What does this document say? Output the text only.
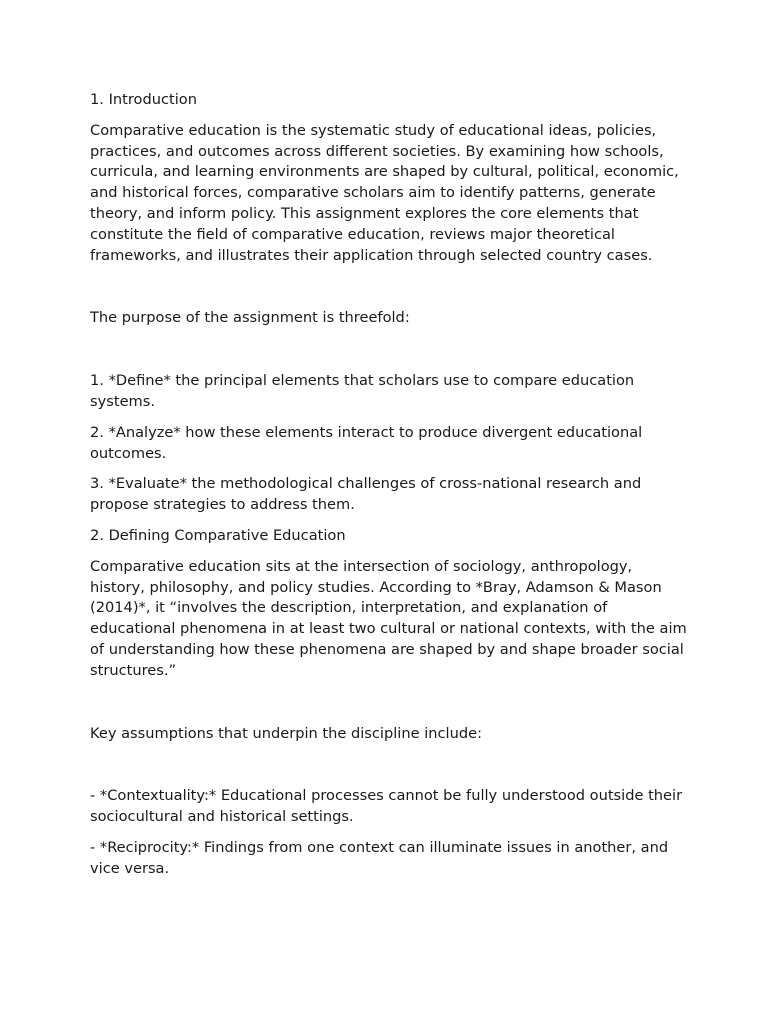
1. Introduction

Comparative education is the systematic study of educational ideas, policies, practices, and outcomes across different societies. By examining how schools, curricula, and learning environments are shaped by cultural, political, economic, and historical forces, comparative scholars aim to identify patterns, generate theory, and inform policy. This assignment explores the core elements that constitute the field of comparative education, reviews major theoretical frameworks, and illustrates their application through selected country cases.

The purpose of the assignment is threefold:

1. *Define* the principal elements that scholars use to compare education systems.

2. *Analyze* how these elements interact to produce divergent educational outcomes.

3. *Evaluate* the methodological challenges of cross-national research and propose strategies to address them.

2. Defining Comparative Education

Comparative education sits at the intersection of sociology, anthropology, history, philosophy, and policy studies. According to *Bray, Adamson & Mason (2014)*, it “involves the description, interpretation, and explanation of educational phenomena in at least two cultural or national contexts, with the aim of understanding how these phenomena are shaped by and shape broader social structures.”

Key assumptions that underpin the discipline include:

- *Contextuality:* Educational processes cannot be fully understood outside their sociocultural and historical settings.

- *Reciprocity:* Findings from one context can illuminate issues in another, and vice versa.
